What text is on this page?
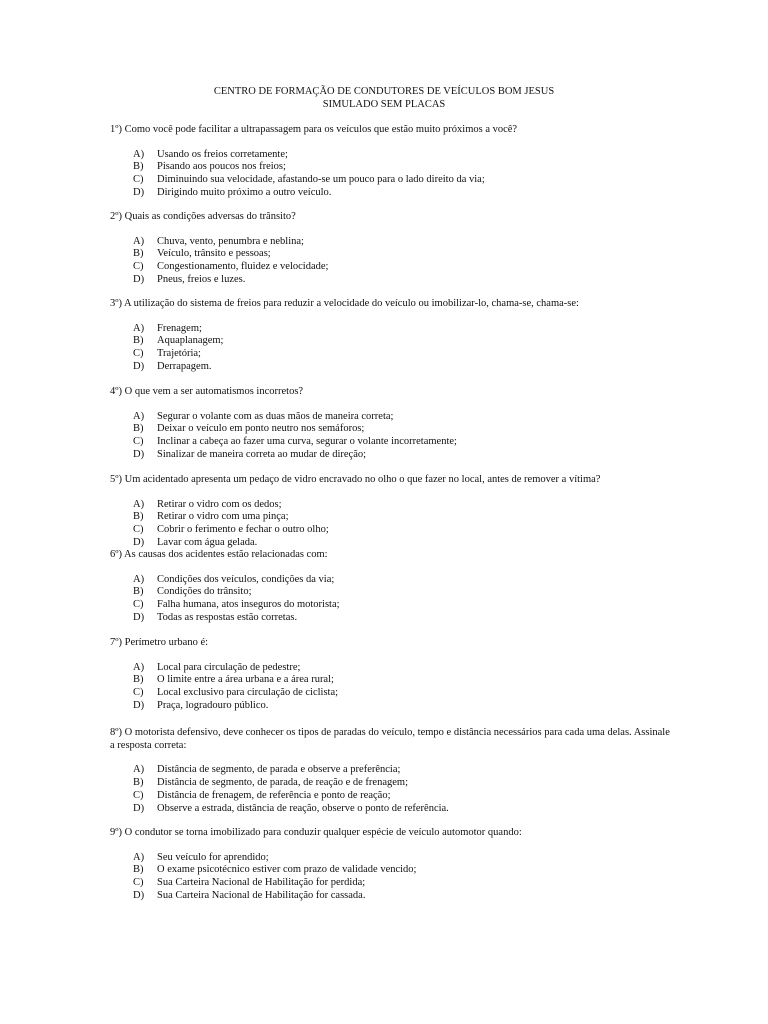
CENTRO DE FORMAÇÃO DE CONDUTORES DE VEÍCULOS BOM JESUS
SIMULADO SEM PLACAS
1º) Como você pode facilitar a ultrapassagem para os veículos que estão muito próximos a você?
A)	Usando os freios corretamente;
B)	Pisando aos poucos nos freios;
C)	Diminuindo sua velocidade, afastando-se um pouco para o lado direito da via;
D)	Dirigindo muito próximo a outro veículo.
2º) Quais as condições adversas do trânsito?
A)	Chuva, vento, penumbra e neblina;
B)	Veículo, trânsito e pessoas;
C)	Congestionamento, fluidez e velocidade;
D)	Pneus, freios e luzes.
3º) A utilização do sistema de freios para reduzir a velocidade do veículo ou imobilizar-lo, chama-se, chama-se:
A)	Frenagem;
B)	Aquaplanagem;
C)	Trajetória;
D)	Derrapagem.
4º) O que vem a ser automatismos incorretos?
A)	Segurar o volante com as duas mãos de maneira correta;
B)	Deixar o veículo em ponto neutro nos semáforos;
C)	Inclinar a cabeça ao fazer uma curva, segurar o volante incorretamente;
D)	Sinalizar de maneira correta ao mudar de direção;
5º) Um acidentado apresenta um pedaço de vidro encravado no olho o que fazer no local, antes de remover a vítima?
A)	Retirar o vidro com os dedos;
B)	Retirar o vidro com uma pinça;
C)	Cobrir o ferimento e fechar o outro olho;
D)	Lavar com água gelada.
6º) As causas dos acidentes estão relacionadas com:
A)	Condições dos veículos, condições da via;
B)	Condições do trânsito;
C)	Falha humana, atos inseguros do motorista;
D)	Todas as respostas estão corretas.
7º) Perímetro urbano é:
A)	Local para circulação de pedestre;
B)	O limite entre a área urbana e a área rural;
C)	Local exclusivo para circulação de ciclista;
D)	Praça, logradouro público.
8º) O motorista defensivo, deve conhecer os tipos de paradas do veículo, tempo e distância necessários para cada uma delas. Assinale a resposta correta:
A)	Distância de segmento, de parada e observe a preferência;
B)	Distância de segmento, de parada, de reação e de frenagem;
C)	Distância de frenagem, de referência e ponto de reação;
D)	Observe a estrada, distância de reação, observe o ponto de referência.
9º) O condutor se torna imobilizado para conduzir qualquer espécie de veículo automotor quando:
A)	Seu veículo for aprendido;
B)	O exame psicotécnico estiver com prazo de validade vencido;
C)	Sua Carteira Nacional de Habilitação for perdida;
D)	Sua Carteira Nacional de Habilitação for cassada.
